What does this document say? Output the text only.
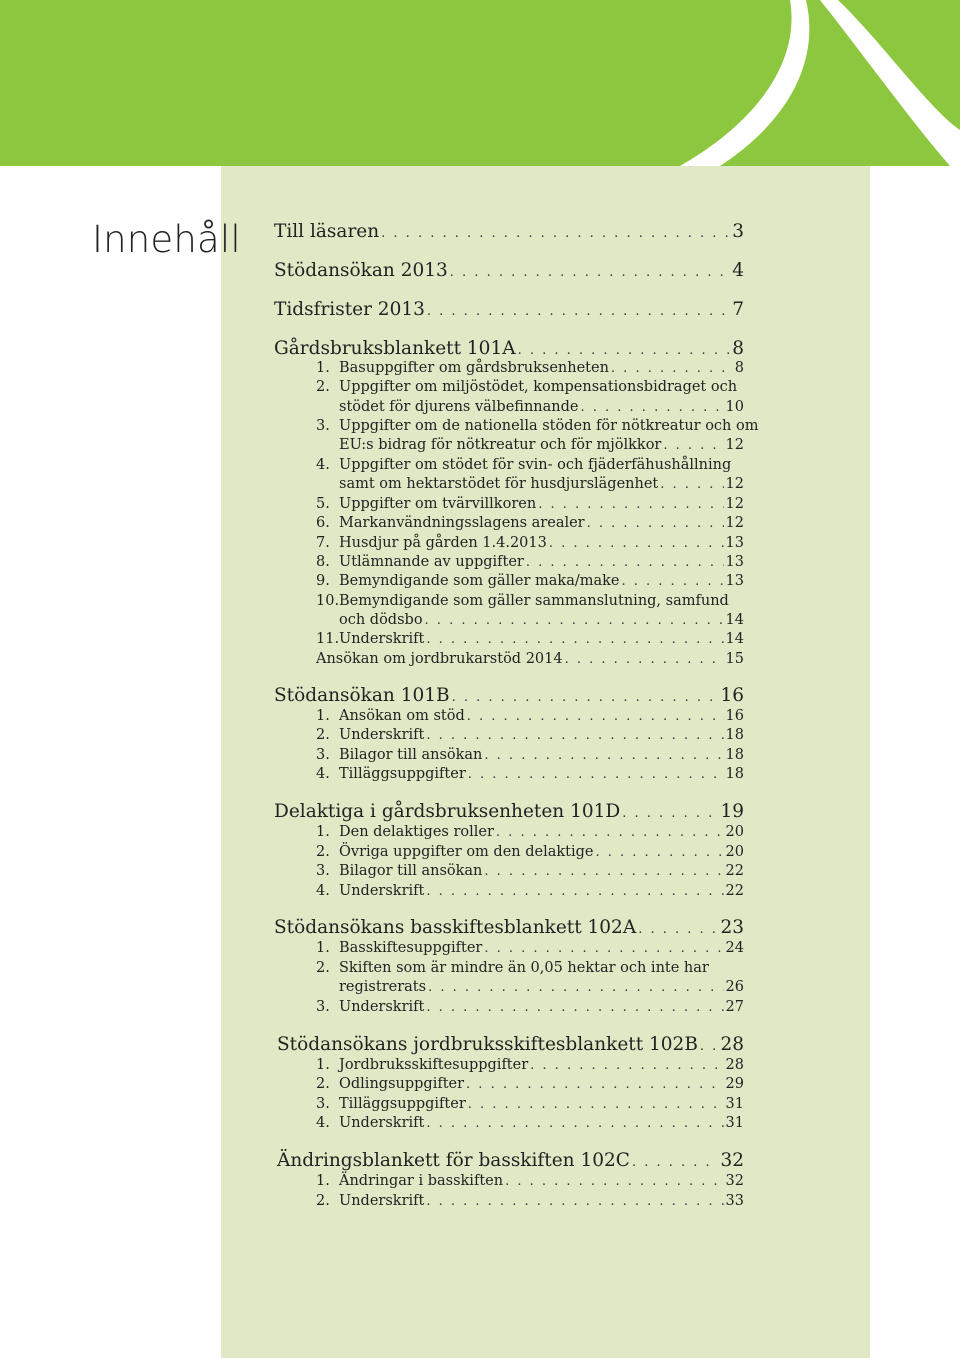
Innehåll Till läsaren . . .	3
Stödansökan 2013 . . .	4
Tidsfrister 2013 . . .	7
Gårdsbruksblankett 101A . . .	8
1. Basuppgifter om gårdsbruksenheten . . .	8
2. Uppgifter om miljöstödet, kompensationsbidraget och
stödet för djurens välbefinnande . . .	10
3. Uppgifter om de nationella stöden för nötkreatur och om
EU:s bidrag för nötkreatur och för mjölkkor . . .	12
4. Uppgifter om stödet för svin- och fjäderfähushållning
samt om hektarstödet för husdjurslägenhet . . .	12
5. Uppgifter om tvärvillkoren . . .	12
6. Markanvändningsslagens arealer . . .	12
7. Husdjur på gården 1.4.2013 . . .	13
8. Utlämnande av uppgifter . . .	13
9. Bemyndigande som gäller maka/make . . .	13
10. Bemyndigande som gäller sammanslutning, samfund
och dödsbo . . .	14
11. Underskrift . . .	14
Ansökan om jordbrukarstöd 2014 . . .	15
Stödansökan 101B . . .	16
1. Ansökan om stöd . . .	16
2. Underskrift . . .	18
3. Bilagor till ansökan . . .	18
4. Tilläggsuppgifter . . .	18
Delaktiga i gårdsbruksenheten 101D . . .	19
1. Den delaktiges roller . . .	20
2. Övriga uppgifter om den delaktige . . .	20
3. Bilagor till ansökan . . .	22
4. Underskrift . . .	22
Stödansökans basskiftesblankett 102A . . .	23
1. Basskiftesuppgifter . . .	24
2. Skiften som är mindre än 0,05 hektar och inte har
registrerats . . .	26
3. Underskrift . . .	27
Stödansökans jordbruksskiftesblankett 102B . . . 28
1. Jordbruksskiftesuppgifter . . .	28
2. Odlingsuppgifter . . .	29
3. Tilläggsuppgifter . . .	31
4. Underskrift . . .	31
Ändringsblankett för basskiften 102C . . .	32
1. Ändringar i basskiften . . .	32
2. Underskrift . . .	33
